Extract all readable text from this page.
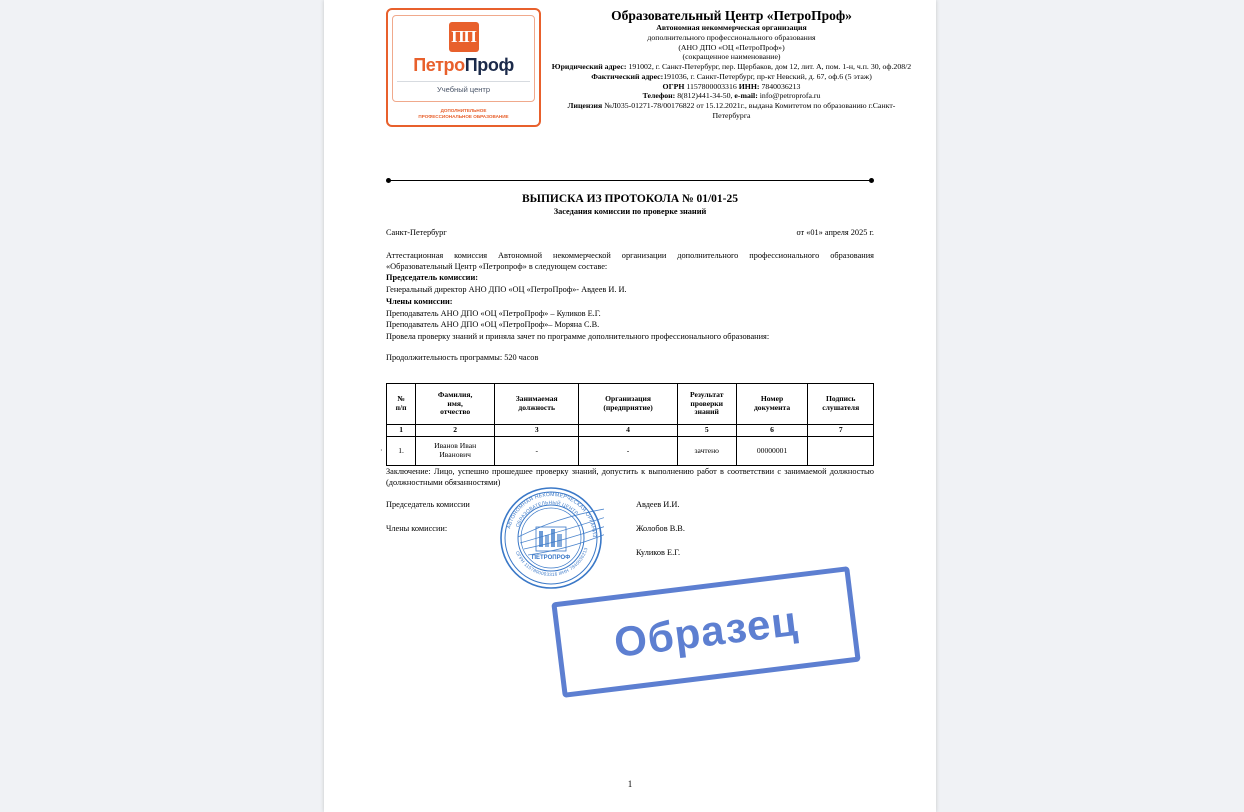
ПП
ПетроПроф
Учебный центр
ДОПОЛНИТЕЛЬНОЕ
ПРОФЕССИОНАЛЬНОЕ ОБРАЗОВАНИЕ
Образовательный Центр «ПетроПроф»
Автономная некоммерческая организация
дополнительного профессионального образования
(АНО ДПО «ОЦ «ПетроПроф»)
(сокращенное наименование)
Юридический адрес: 191002, г. Санкт-Петербург, пер. Щербаков, дом 12, лит. А, пом. 1-н, ч.п. 30, оф.208/2
Фактический адрес:191036, г. Санкт-Петербург, пр-кт Невский, д. 67, оф.6 (5 этаж)
ОГРН 1157800003316 ИНН: 7840036213
Телефон: 8(812)441-34-50, e-mail: info@petroprofa.ru
Лицензия №Л035-01271-78/00176822 от 15.12.2021г., выдана Комитетом по образованию г.Санкт-Петербурга
ВЫПИСКА ИЗ ПРОТОКОЛА № 01/01-25
Заседания комиссии по проверке знаний
Санкт-Петербург	от «01» апреля 2025 г.

Аттестационная комиссия Автономной некоммерческой организации дополнительного профессионального образования «Образовательный Центр «Петропроф» в следующем составе:

Председатель комиссии:

Генеральный директор АНО ДПО «ОЦ «ПетроПроф»- Авдеев И. И.

Члены комиссии:

Преподаватель АНО ДПО «ОЦ «ПетроПроф» – Куликов Е.Г.

Преподаватель АНО ДПО «ОЦ «ПетроПроф»– Моряна С.В.

Провела проверку знаний и приняла зачет по программе дополнительного профессионального образования:

Продолжительность программы: 520 часов

№
п/п	Фамилия,
имя,
отчество	Занимаемая
должность	Организация
(предприятие)	Результат
проверки
знаний	Номер
документа	Подпись
слушателя
1	2	3	4	5	6	7
1.	Иванов Иван
Иванович	-	-	зачтено	00000001	
·
Заключение: Лицо, успешно прошедшее проверку знаний, допустить к выполнению работ в соответствии с занимаемой должностью (должностными обязанностями)
Председатель комиссии	Авдеев И.И.
Члены комиссии:	Жолобов В.В.
Куликов Е.Г.
АВТОНОМНАЯ НЕКОММЕРЧЕСКАЯ ОРГАНИЗ
ОГРН 1157800003316 ИНН 7840036213
ОБРАЗОВАТЕЛЬНЫЙ ЦЕНТР
ПЕТРОПРОФ
Образец
1
